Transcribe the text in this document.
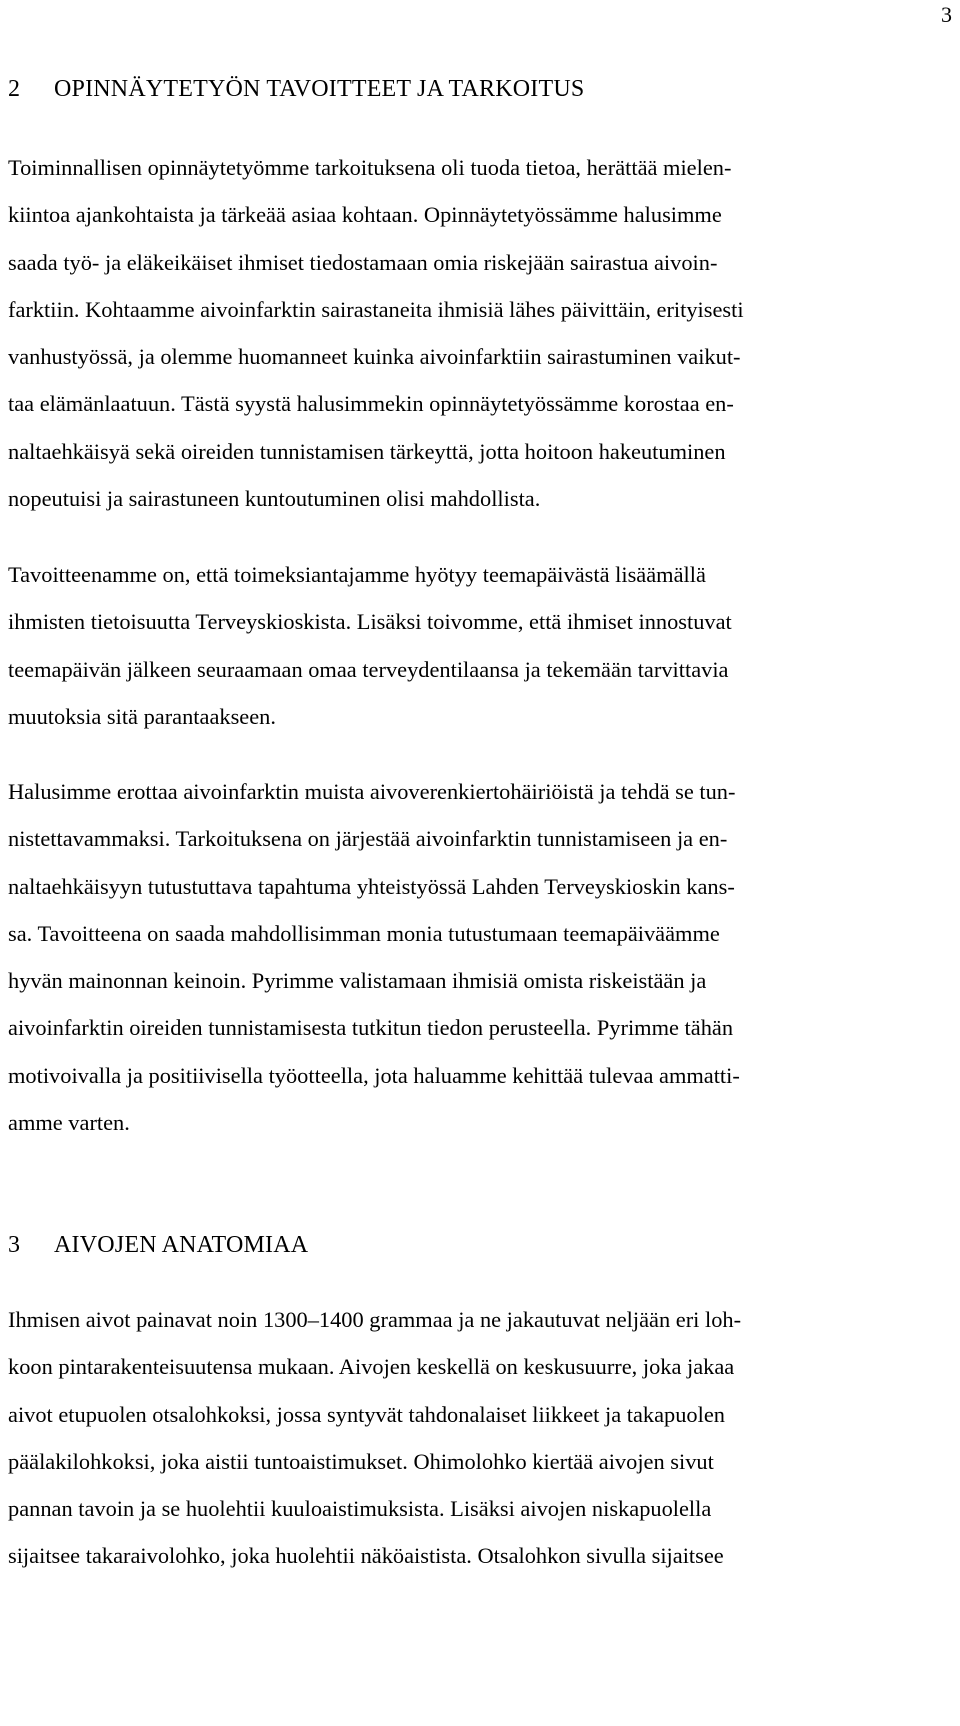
3
2 OPINNÄYTETYÖN TAVOITTEET JA TARKOITUS

Toiminnallisen opinnäytetyömme tarkoituksena oli tuoda tietoa, herättää mielen-
kiintoa ajankohtaista ja tärkeää asiaa kohtaan. Opinnäytetyössämme halusimme
saada työ- ja eläkeikäiset ihmiset tiedostamaan omia riskejään sairastua aivoin-
farktiin. Kohtaamme aivoinfarktin sairastaneita ihmisiä lähes päivittäin, erityisesti
vanhustyössä, ja olemme huomanneet kuinka aivoinfarktiin sairastuminen vaikut-
taa elämänlaatuun. Tästä syystä halusimmekin opinnäytetyössämme korostaa en-
naltaehkäisyä sekä oireiden tunnistamisen tärkeyttä, jotta hoitoon hakeutuminen
nopeutuisi ja sairastuneen kuntoutuminen olisi mahdollista.

Tavoitteenamme on, että toimeksiantajamme hyötyy teemapäivästä lisäämällä
ihmisten tietoisuutta Terveyskioskista. Lisäksi toivomme, että ihmiset innostuvat
teemapäivän jälkeen seuraamaan omaa terveydentilaansa ja tekemään tarvittavia
muutoksia sitä parantaakseen.

Halusimme erottaa aivoinfarktin muista aivoverenkiertohäiriöistä ja tehdä se tun-
nistettavammaksi. Tarkoituksena on järjestää aivoinfarktin tunnistamiseen ja en-
naltaehkäisyyn tutustuttava tapahtuma yhteistyössä Lahden Terveyskioskin kans-
sa. Tavoitteena on saada mahdollisimman monia tutustumaan teemapäiväämme
hyvän mainonnan keinoin. Pyrimme valistamaan ihmisiä omista riskeistään ja
aivoinfarktin oireiden tunnistamisesta tutkitun tiedon perusteella. Pyrimme tähän
motivoivalla ja positiivisella työotteella, jota haluamme kehittää tulevaa ammatti-
amme varten.

3 AIVOJEN ANATOMIAA

Ihmisen aivot painavat noin 1300–1400 grammaa ja ne jakautuvat neljään eri loh-
koon pintarakenteisuutensa mukaan. Aivojen keskellä on keskusuurre, joka jakaa
aivot etupuolen otsalohkoksi, jossa syntyvät tahdonalaiset liikkeet ja takapuolen
päälakilohkoksi, joka aistii tuntoaistimukset. Ohimolohko kiertää aivojen sivut
pannan tavoin ja se huolehtii kuuloaistimuksista. Lisäksi aivojen niskapuolella
sijaitsee takaraivolohko, joka huolehtii näköaistista. Otsalohkon sivulla sijaitsee
